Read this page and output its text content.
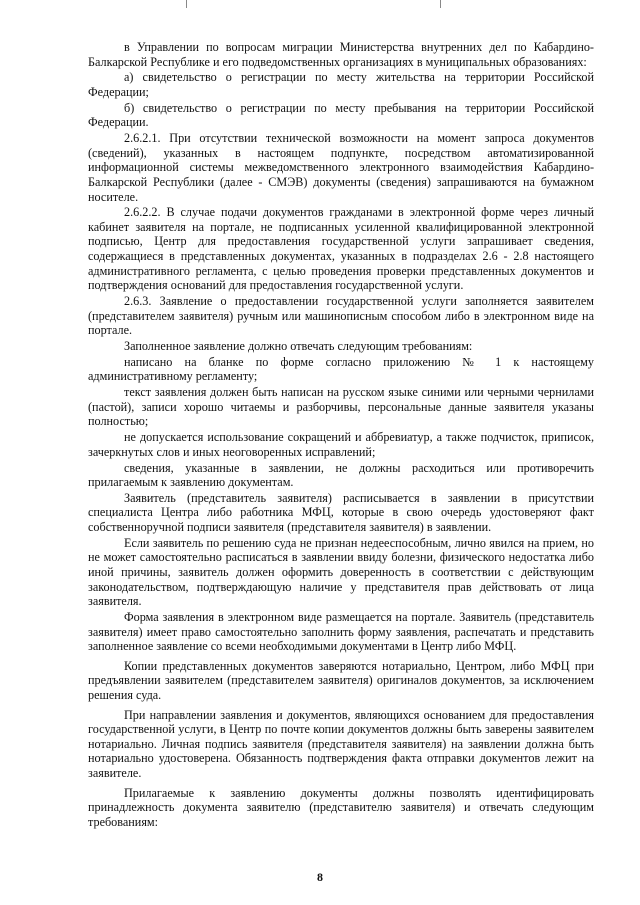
в Управлении по вопросам миграции Министерства внутренних дел по Кабардино-Балкарской Республике и его подведомственных организациях в муниципальных образованиях:

а) свидетельство о регистрации по месту жительства на территории Российской Федерации;

б) свидетельство о регистрации по месту пребывания на территории Российской Федерации.

2.6.2.1. При отсутствии технической возможности на момент запроса документов (сведений), указанных в настоящем подпункте, посредством автоматизированной информационной системы межведомственного электронного взаимодействия Кабардино-Балкарской Республики (далее - СМЭВ) документы (сведения) запрашиваются на бумажном носителе.

2.6.2.2. В случае подачи документов гражданами в электронной форме через личный кабинет заявителя на портале, не подписанных усиленной квалифицированной электронной подписью, Центр для предоставления государственной услуги запрашивает сведения, содержащиеся в представленных документах, указанных в подразделах 2.6 - 2.8 настоящего административного регламента, с целью проведения проверки представленных документов и подтверждения оснований для предоставления государственной услуги.

2.6.3. Заявление о предоставлении государственной услуги заполняется заявителем (представителем заявителя) ручным или машинописным способом либо в электронном виде на портале.

Заполненное заявление должно отвечать следующим требованиям:

написано на бланке по форме согласно приложению № 1 к настоящему административному регламенту;

текст заявления должен быть написан на русском языке синими или черными чернилами (пастой), записи хорошо читаемы и разборчивы, персональные данные заявителя указаны полностью;

не допускается использование сокращений и аббревиатур, а также подчисток, приписок, зачеркнутых слов и иных неоговоренных исправлений;

сведения, указанные в заявлении, не должны расходиться или противоречить прилагаемым к заявлению документам.

Заявитель (представитель заявителя) расписывается в заявлении в присутствии специалиста Центра либо работника МФЦ, которые в свою очередь удостоверяют факт собственноручной подписи заявителя (представителя заявителя) в заявлении.

Если заявитель по решению суда не признан недееспособным, лично явился на прием, но не может самостоятельно расписаться в заявлении ввиду болезни, физического недостатка либо иной причины, заявитель должен оформить доверенность в соответствии с действующим законодательством, подтверждающую наличие у представителя прав действовать от лица заявителя.

Форма заявления в электронном виде размещается на портале. Заявитель (представитель заявителя) имеет право самостоятельно заполнить форму заявления, распечатать и представить заполненное заявление со всеми необходимыми документами в Центр либо МФЦ.

Копии представленных документов заверяются нотариально, Центром, либо МФЦ при предъявлении заявителем (представителем заявителя) оригиналов документов, за исключением решения суда.

При направлении заявления и документов, являющихся основанием для предоставления государственной услуги, в Центр по почте копии документов должны быть заверены заявителем нотариально. Личная подпись заявителя (представителя заявителя) на заявлении должна быть нотариально удостоверена. Обязанность подтверждения факта отправки документов лежит на заявителе.

Прилагаемые к заявлению документы должны позволять идентифицировать принадлежность документа заявителю (представителю заявителя) и отвечать следующим требованиям:

8
